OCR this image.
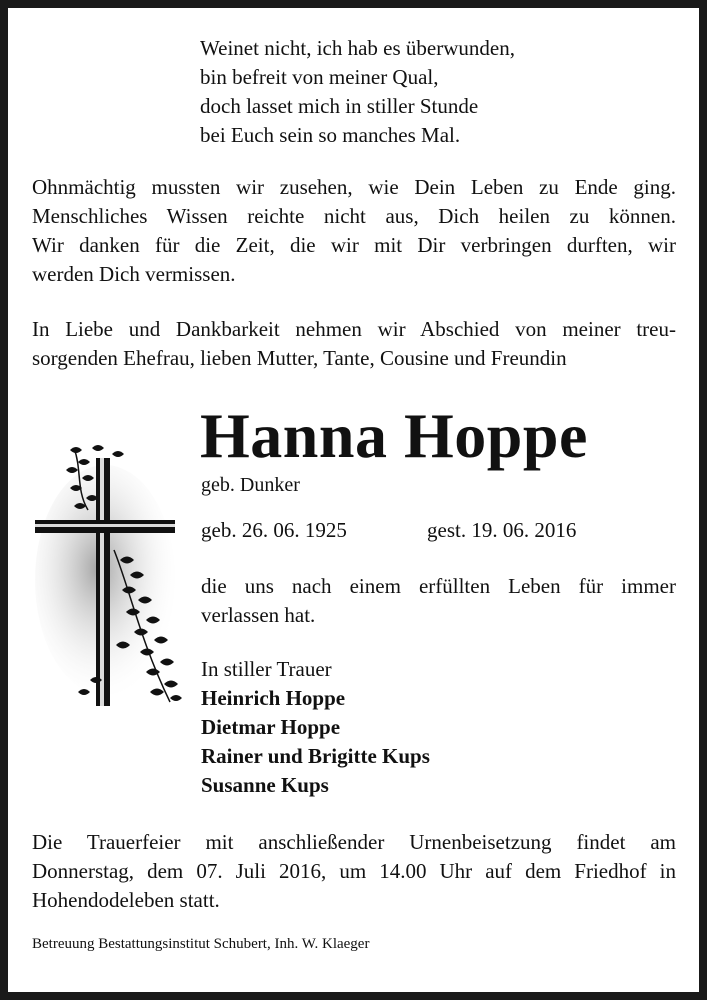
Weinet nicht, ich hab es überwunden,
bin befreit von meiner Qual,
doch lasset mich in stiller Stunde
bei Euch sein so manches Mal.
Ohnmächtig mussten wir zusehen, wie Dein Leben zu Ende ging.
Menschliches Wissen reichte nicht aus, Dich heilen zu können.
Wir danken für die Zeit, die wir mit Dir verbringen durften, wir
werden Dich vermissen.
In Liebe und Dankbarkeit nehmen wir Abschied von meiner treu-
sorgenden Ehefrau, lieben Mutter, Tante, Cousine und Freundin
Hanna Hoppe
geb. Dunker
geb. 26. 06. 1925	gest. 19. 06. 2016
die uns nach einem erfüllten Leben für immer
verlassen hat.
In stiller Trauer
Heinrich Hoppe
Dietmar Hoppe
Rainer und Brigitte Kups
Susanne Kups
Die Trauerfeier mit anschließender Urnenbeisetzung findet am
Donnerstag, dem 07. Juli 2016, um 14.00 Uhr auf dem Friedhof in
Hohendodeleben statt.
Betreuung Bestattungsinstitut Schubert, Inh. W. Klaeger
